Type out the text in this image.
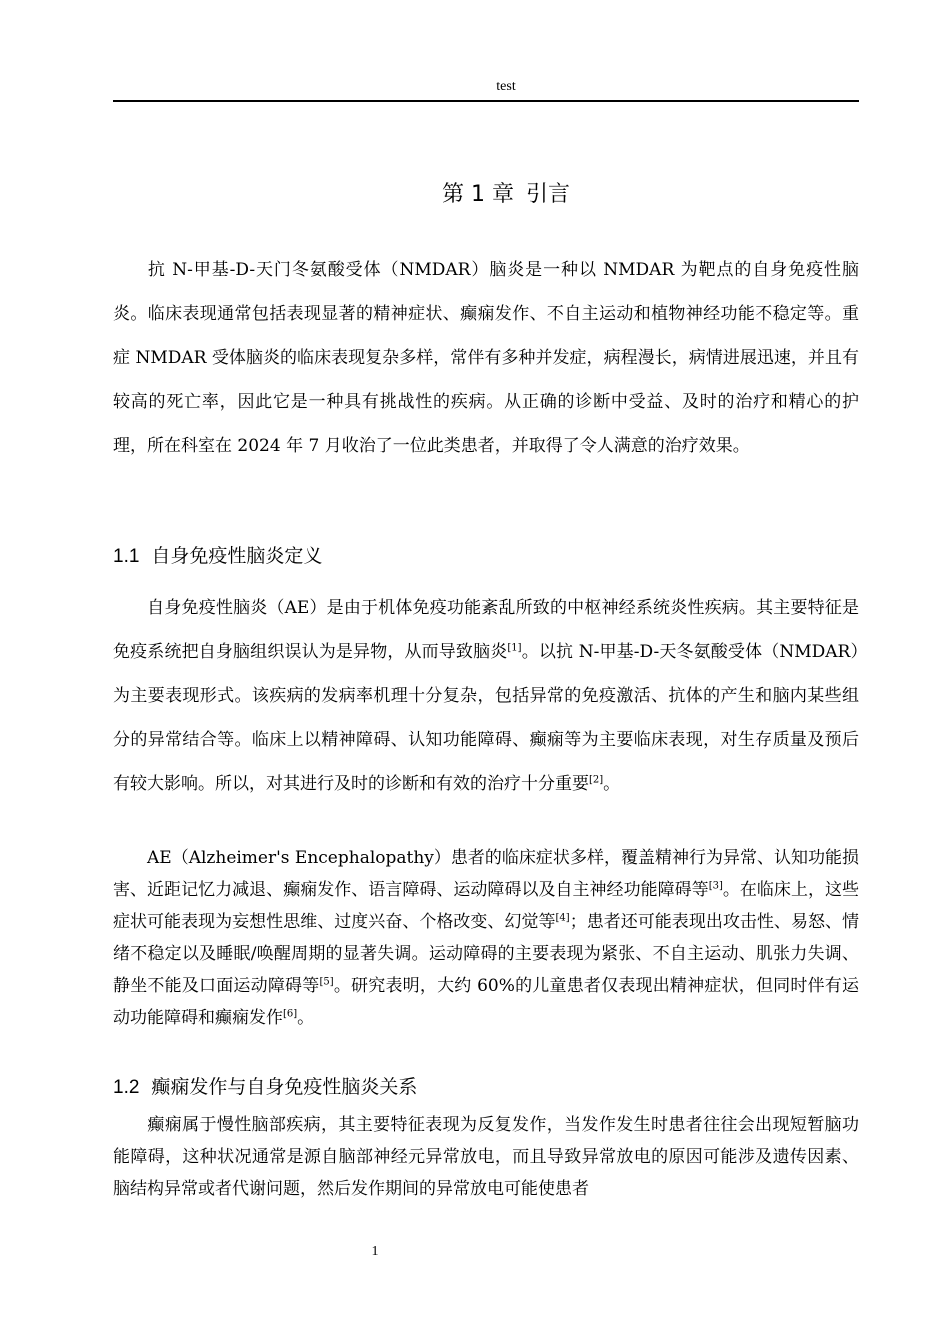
test
第 1 章 引言

抗 N-甲基-D-天门冬氨酸受体（NMDAR）脑炎是一种以 NMDAR 为靶点的自身免疫性脑炎。临床表现通常包括表现显著的精神症状、癫痫发作、不自主运动和植物神经功能不稳定等。重症 NMDAR 受体脑炎的临床表现复杂多样，常伴有多种并发症，病程漫长，病情进展迅速，并且有较高的死亡率，因此它是一种具有挑战性的疾病。从正确的诊断中受益、及时的治疗和精心的护理，所在科室在 2024 年 7 月收治了一位此类患者，并取得了令人满意的治疗效果。

1.1 自身免疫性脑炎定义

自身免疫性脑炎（AE）是由于机体免疫功能紊乱所致的中枢神经系统炎性疾病。其主要特征是免疫系统把自身脑组织误认为是异物，从而导致脑炎[1]。以抗 N-甲基-D-天冬氨酸受体（NMDAR）为主要表现形式。该疾病的发病率机理十分复杂，包括异常的免疫激活、抗体的产生和脑内某些组分的异常结合等。临床上以精神障碍、认知功能障碍、癫痫等为主要临床表现，对生存质量及预后有较大影响。所以，对其进行及时的诊断和有效的治疗十分重要[2]。

AE（Alzheimer's Encephalopathy）患者的临床症状多样，覆盖精神行为异常、认知功能损害、近距记忆力减退、癫痫发作、语言障碍、运动障碍以及自主神经功能障碍等[3]。在临床上，这些症状可能表现为妄想性思维、过度兴奋、个格改变、幻觉等[4]；患者还可能表现出攻击性、易怒、情绪不稳定以及睡眠/唤醒周期的显著失调。运动障碍的主要表现为紧张、不自主运动、肌张力失调、静坐不能及口面运动障碍等[5]。研究表明，大约 60%的儿童患者仅表现出精神症状，但同时伴有运动功能障碍和癫痫发作[6]。

1.2 癫痫发作与自身免疫性脑炎关系

癫痫属于慢性脑部疾病，其主要特征表现为反复发作，当发作发生时患者往往会出现短暂脑功能障碍，这种状况通常是源自脑部神经元异常放电，而且导致异常放电的原因可能涉及遗传因素、脑结构异常或者代谢问题，然后发作期间的异常放电可能使患者

1
